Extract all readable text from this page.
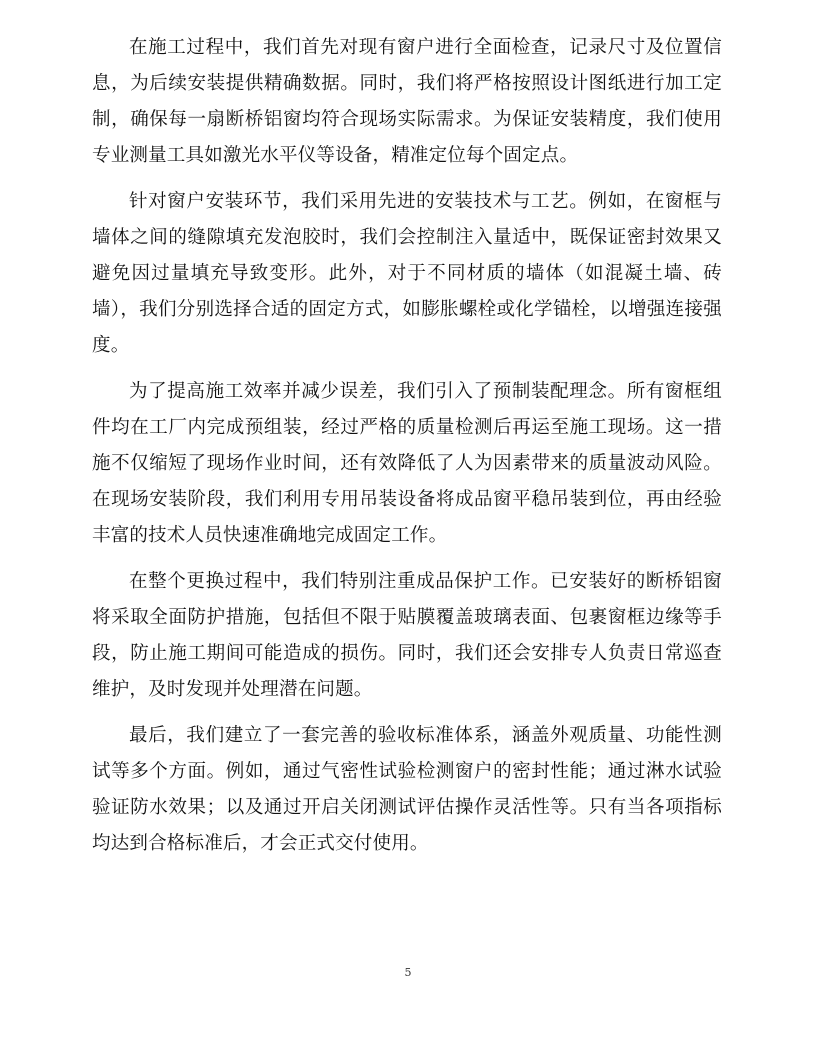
在施工过程中，我们首先对现有窗户进行全面检查，记录尺寸及位置信息，为后续安装提供精确数据。同时，我们将严格按照设计图纸进行加工定制，确保每一扇断桥铝窗均符合现场实际需求。为保证安装精度，我们使用专业测量工具如激光水平仪等设备，精准定位每个固定点。

针对窗户安装环节，我们采用先进的安装技术与工艺。例如，在窗框与墙体之间的缝隙填充发泡胶时，我们会控制注入量适中，既保证密封效果又避免因过量填充导致变形。此外，对于不同材质的墙体（如混凝土墙、砖墙），我们分别选择合适的固定方式，如膨胀螺栓或化学锚栓，以增强连接强度。

为了提高施工效率并减少误差，我们引入了预制装配理念。所有窗框组件均在工厂内完成预组装，经过严格的质量检测后再运至施工现场。这一措施不仅缩短了现场作业时间，还有效降低了人为因素带来的质量波动风险。在现场安装阶段，我们利用专用吊装设备将成品窗平稳吊装到位，再由经验丰富的技术人员快速准确地完成固定工作。

在整个更换过程中，我们特别注重成品保护工作。已安装好的断桥铝窗将采取全面防护措施，包括但不限于贴膜覆盖玻璃表面、包裹窗框边缘等手段，防止施工期间可能造成的损伤。同时，我们还会安排专人负责日常巡查维护，及时发现并处理潜在问题。

最后，我们建立了一套完善的验收标准体系，涵盖外观质量、功能性测试等多个方面。例如，通过气密性试验检测窗户的密封性能；通过淋水试验验证防水效果；以及通过开启关闭测试评估操作灵活性等。只有当各项指标均达到合格标准后，才会正式交付使用。

5
